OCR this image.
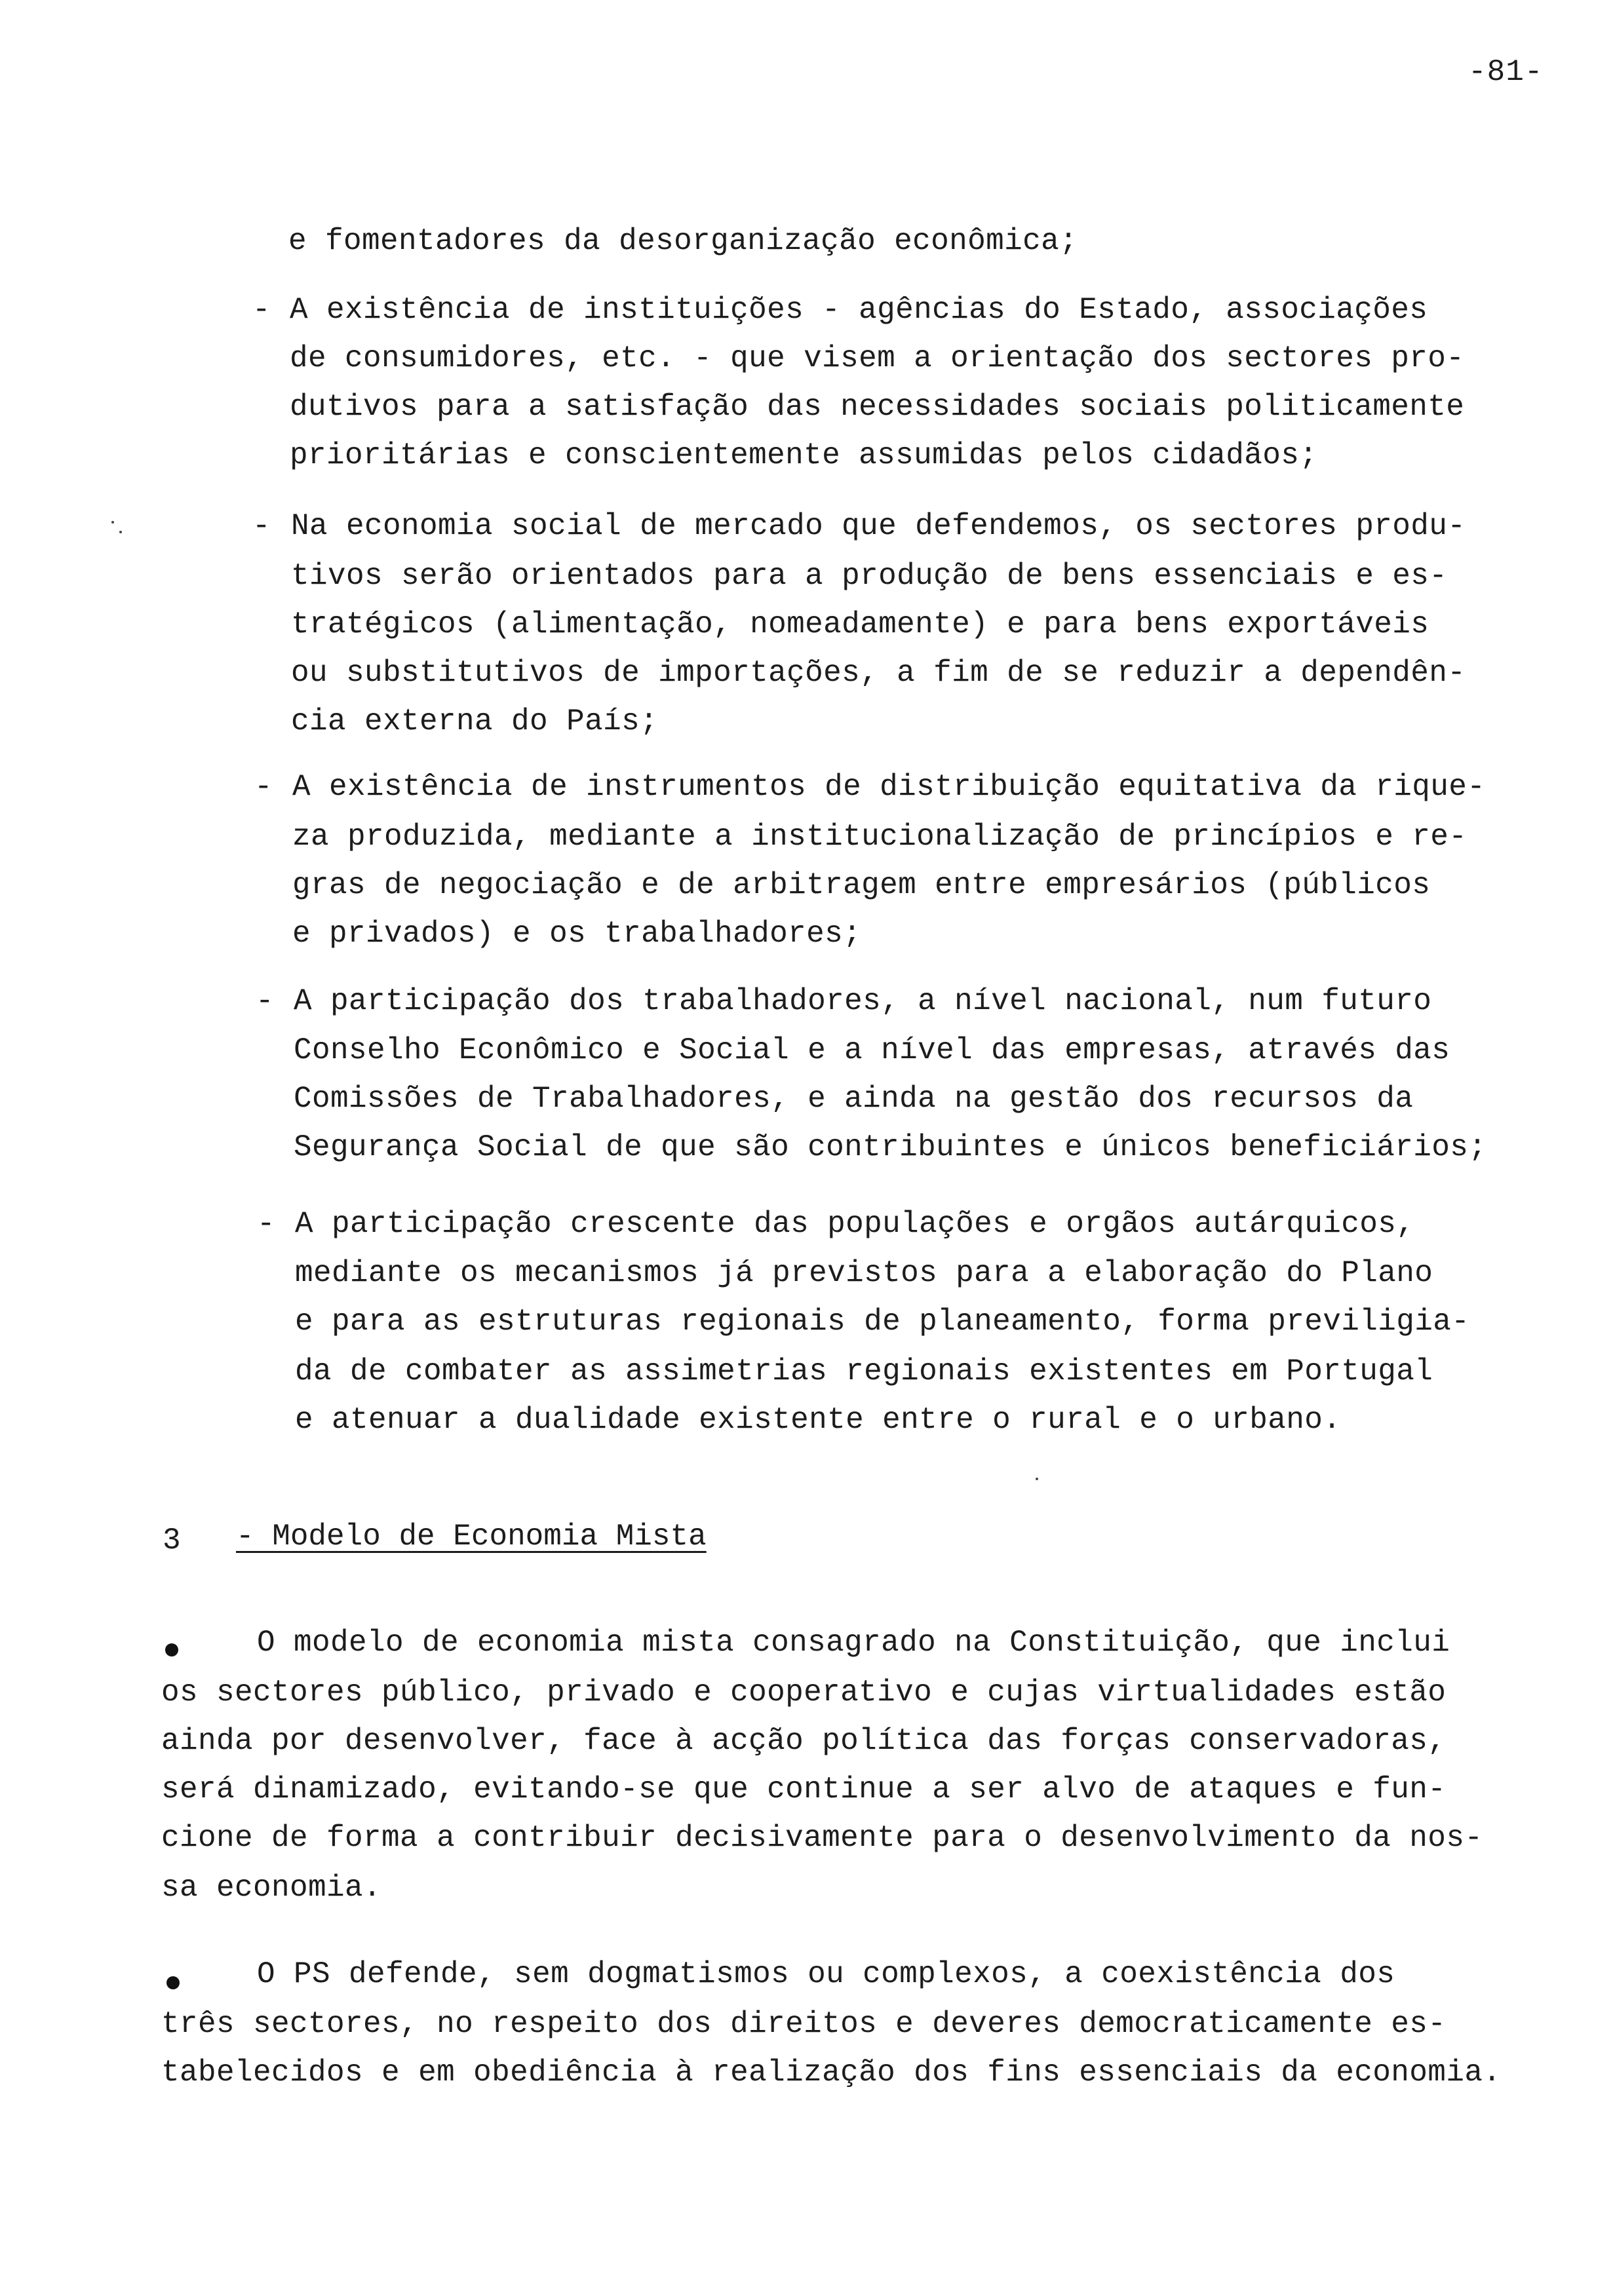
-81-
e fomentadores da desorganização econômica;
- A existência de instituições - agências do Estado, associações
de consumidores, etc. - que visem a orientação dos sectores pro-
dutivos para a satisfação das necessidades sociais politicamente
prioritárias e conscientemente assumidas pelos cidadãos;
- Na economia social de mercado que defendemos, os sectores produ-
tivos serão orientados para a produção de bens essenciais e es-
tratégicos (alimentação, nomeadamente) e para bens exportáveis
ou substitutivos de importações, a fim de se reduzir a dependên-
cia externa do País;
- A existência de instrumentos de distribuição equitativa da rique-
za produzida, mediante a institucionalização de princípios e re-
gras de negociação e de arbitragem entre empresários (públicos
e privados) e os trabalhadores;
- A participação dos trabalhadores, a nível nacional, num futuro
Conselho Econômico e Social e a nível das empresas, através das
Comissões de Trabalhadores, e ainda na gestão dos recursos da
Segurança Social de que são contribuintes e únicos beneficiários;
- A participação crescente das populações e orgãos autárquicos,
mediante os mecanismos já previstos para a elaboração do Plano
e para as estruturas regionais de planeamento, forma previligia-
da de combater as assimetrias regionais existentes em Portugal
e atenuar a dualidade existente entre o rural e o urbano.
3 - Modelo de Economia Mista
O modelo de economia mista consagrado na Constituição, que inclui
os sectores público, privado e cooperativo e cujas virtualidades estão
ainda por desenvolver, face à acção política das forças conservadoras,
será dinamizado, evitando-se que continue a ser alvo de ataques e fun-
cione de forma a contribuir decisivamente para o desenvolvimento da nos-
sa economia.
O PS defende, sem dogmatismos ou complexos, a coexistência dos
três sectores, no respeito dos direitos e deveres democraticamente es-
tabelecidos e em obediência à realização dos fins essenciais da economia.
